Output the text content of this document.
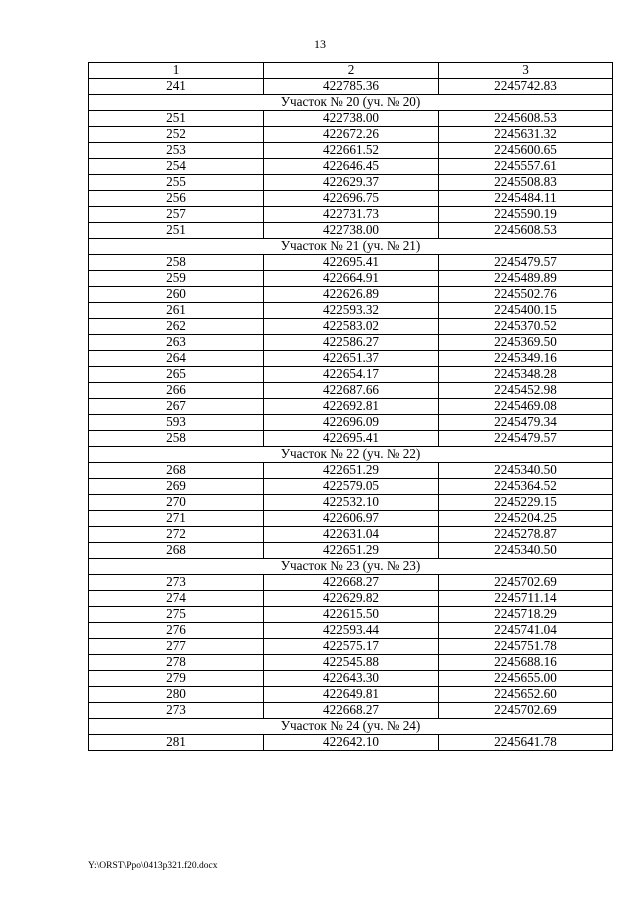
13
1	2	3
241	422785.36	2245742.83
Участок № 20 (уч. № 20)		
251	422738.00	2245608.53
252	422672.26	2245631.32
253	422661.52	2245600.65
254	422646.45	2245557.61
255	422629.37	2245508.83
256	422696.75	2245484.11
257	422731.73	2245590.19
251	422738.00	2245608.53
Участок № 21 (уч. № 21)		
258	422695.41	2245479.57
259	422664.91	2245489.89
260	422626.89	2245502.76
261	422593.32	2245400.15
262	422583.02	2245370.52
263	422586.27	2245369.50
264	422651.37	2245349.16
265	422654.17	2245348.28
266	422687.66	2245452.98
267	422692.81	2245469.08
593	422696.09	2245479.34
258	422695.41	2245479.57
Участок № 22 (уч. № 22)		
268	422651.29	2245340.50
269	422579.05	2245364.52
270	422532.10	2245229.15
271	422606.97	2245204.25
272	422631.04	2245278.87
268	422651.29	2245340.50
Участок № 23 (уч. № 23)		
273	422668.27	2245702.69
274	422629.82	2245711.14
275	422615.50	2245718.29
276	422593.44	2245741.04
277	422575.17	2245751.78
278	422545.88	2245688.16
279	422643.30	2245655.00
280	422649.81	2245652.60
273	422668.27	2245702.69
Участок № 24 (уч. № 24)		
281	422642.10	2245641.78
Y:\ORST\Ppo\0413p321.f20.docx
